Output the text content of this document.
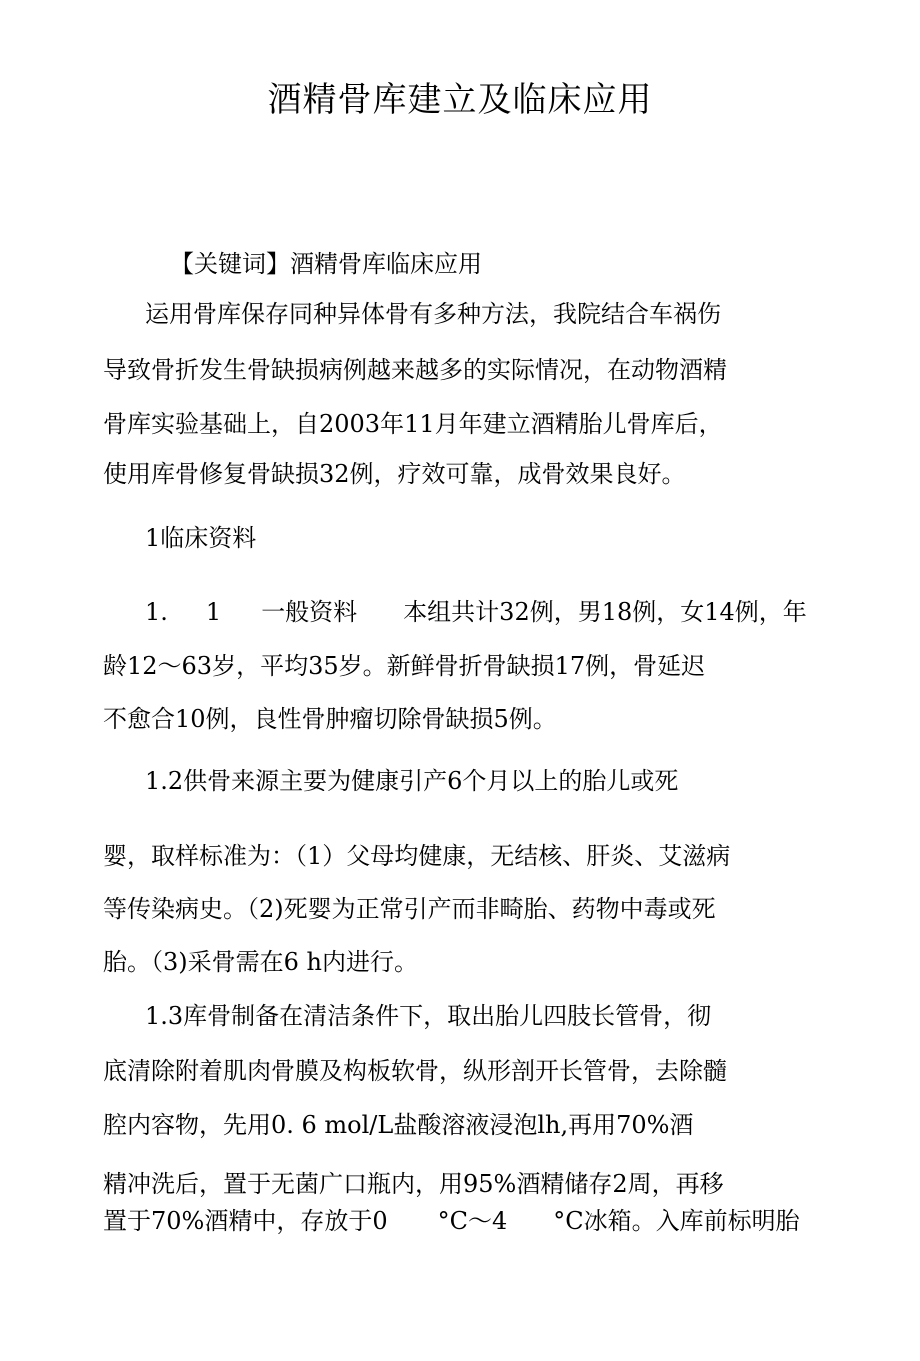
酒精骨库建立及临床应用
【关键词】酒精骨库临床应用
运用骨库保存同种异体骨有多种方法，我院结合车祸伤
导致骨折发生骨缺损病例越来越多的实际情况，在动物酒精
骨库实验基础上，自2003年11月年建立酒精胎儿骨库后，
使用库骨修复骨缺损32例，疗效可靠，成骨效果良好。
1临床资料
1. 1 一般资料 本组共计32例，男18例，女14例，年
龄12～63岁，平均35岁。新鲜骨折骨缺损17例，骨延迟
不愈合10例，良性骨肿瘤切除骨缺损5例。
1.2供骨来源主要为健康引产6个月以上的胎儿或死
婴，取样标准为：（1）父母均健康，无结核、肝炎、艾滋病
等传染病史。（2)死婴为正常引产而非畸胎、药物中毒或死
胎。（3)采骨需在6 h内进行。
1.3库骨制备在清洁条件下，取出胎儿四肢长管骨，彻
底清除附着肌肉骨膜及构板软骨，纵形剖开长管骨，去除髓
腔内容物，先用0. 6 mol/L盐酸溶液浸泡lh,再用70%酒
精冲洗后，置于无菌广口瓶内，用95%酒精储存2周，再移
置于70%酒精中，存放于0 °C～4 °C冰箱。入库前标明胎
